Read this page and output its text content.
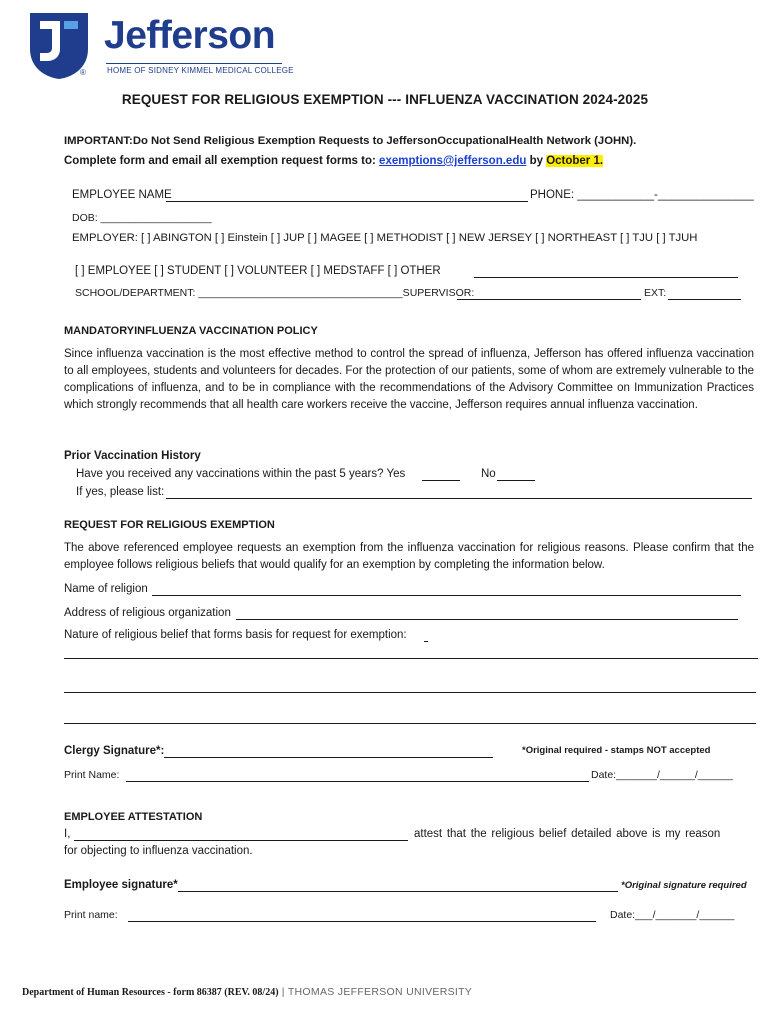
®
Jefferson
HOME OF SIDNEY KIMMEL MEDICAL COLLEGE
REQUEST FOR RELIGIOUS EXEMPTION --- INFLUENZA VACCINATION 2024-2025
IMPORTANT:Do Not Send Religious Exemption Requests to JeffersonOccupationalHealth Network (JOHN).
Complete form and email all exemption request forms to: exemptions@jefferson.edu by October 1.
EMPLOYEE NAME	PHONE: ____________-_______________
DOB: ___________________
EMPLOYER: [ ] ABINGTON [ ] Einstein [ ] JUP [ ] MAGEE [ ] METHODIST [ ] NEW JERSEY [ ] NORTHEAST [ ] TJU [ ] TJUH
[ ] EMPLOYEE [ ] STUDENT [ ] VOLUNTEER [ ] MEDSTAFF [ ] OTHER
SCHOOL/DEPARTMENT: ___________________________________SUPERVISOR:	EXT:
MANDATORYINFLUENZA VACCINATION POLICY
Since influenza vaccination is the most effective method to control the spread of influenza, Jefferson has offered influenza vaccination to all employees, students and volunteers for decades. For the protection of our patients, some of whom are extremely vulnerable to the complications of influenza, and to be in compliance with the recommendations of the Advisory Committee on Immunization Practices which strongly recommends that all health care workers receive the vaccine, Jefferson requires annual influenza vaccination.
Prior Vaccination History
Have you received any vaccinations within the past 5 years? Yes	No
If yes, please list:
REQUEST FOR RELIGIOUS EXEMPTION
The above referenced employee requests an exemption from the influenza vaccination for religious reasons. Please confirm that the employee follows religious beliefs that would qualify for an exemption by completing the information below.
Name of religion
Address of religious organization
Nature of religious belief that forms basis for request for exemption:
Clergy Signature*:	*Original required - stamps NOT accepted
Print Name:	Date:_______/______/______
EMPLOYEE ATTESTATION
I,	attest that the religious belief detailed above is my reason
for objecting to influenza vaccination.
Employee signature*	*Original signature required
Print name:	Date:___/_______/______
Department of Human Resources - form 86387 (REV. 08/24) | THOMAS JEFFERSON UNIVERSITY
